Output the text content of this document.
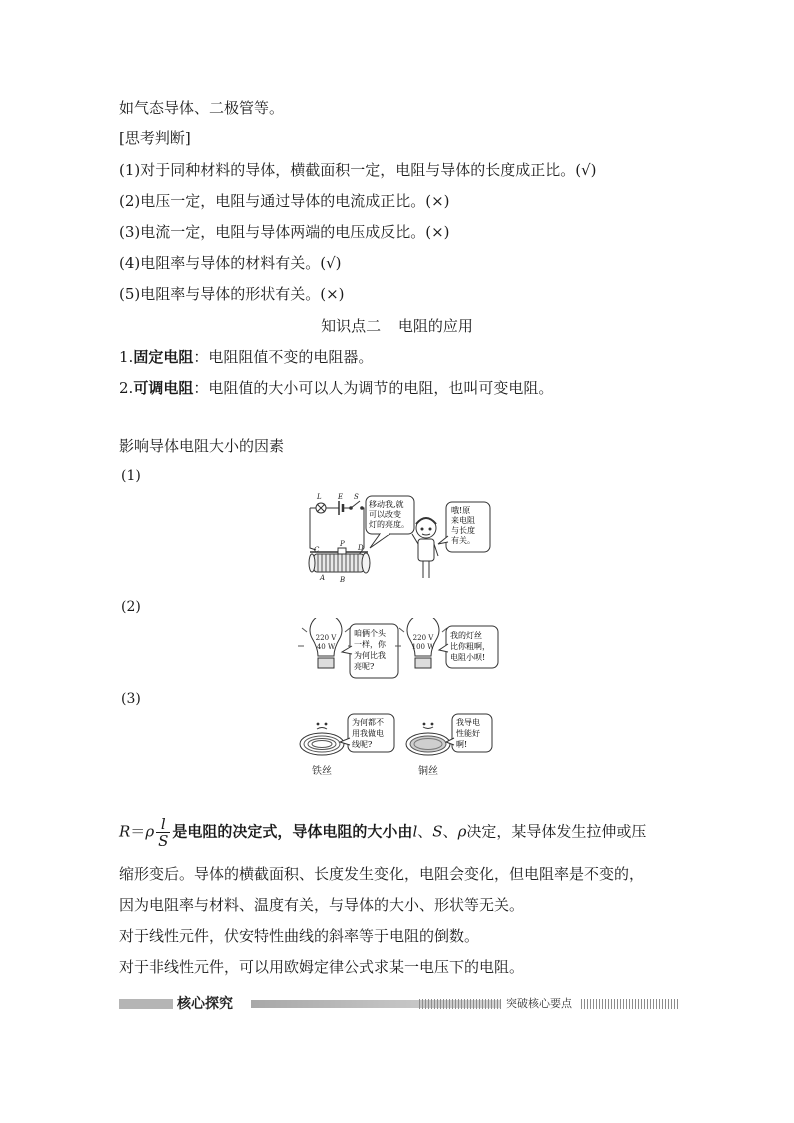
如气态导体、二极管等。
[思考判断]
(1)对于同种材料的导体，横截面积一定，电阻与导体的长度成正比。(√)
(2)电压一定，电阻与通过导体的电流成正比。(×)
(3)电流一定，电阻与导体两端的电压成反比。(×)
(4)电阻率与导体的材料有关。(√)
(5)电阻率与导体的形状有关。(×)
知识点二 电阻的应用
1.固定电阻：电阻阻值不变的电阻器。
2.可调电阻：电阻值的大小可以人为调节的电阻，也叫可变电阻。
影响导体电阻大小的因素
(1)
L E S
C
P D
A B
移动我,就
可以改变
灯的亮度。
哦!原
来电阻
与长度
有关。
(2)
220 V
40 W
咱俩个头
一样，你
为何比我
亮呢?
220 V
100 W
我的灯丝
比你粗啊，
电阻小呗!
(3)
铁丝
为何都不
用我做电
线呢?
铜丝
我导电
性能好
啊!
$R=\rho \frac{l}{S}$ 是电阻的决定式，导体电阻的大小由l、S、ρ决定，某导体发生拉伸或压
缩形变后。导体的横截面积、长度发生变化，电阻会变化，但电阻率是不变的，
因为电阻率与材料、温度有关，与导体的大小、形状等无关。
对于线性元件，伏安特性曲线的斜率等于电阻的倒数。
对于非线性元件，可以用欧姆定律公式求某一电压下的电阻。
核心探究	突破核心要点
